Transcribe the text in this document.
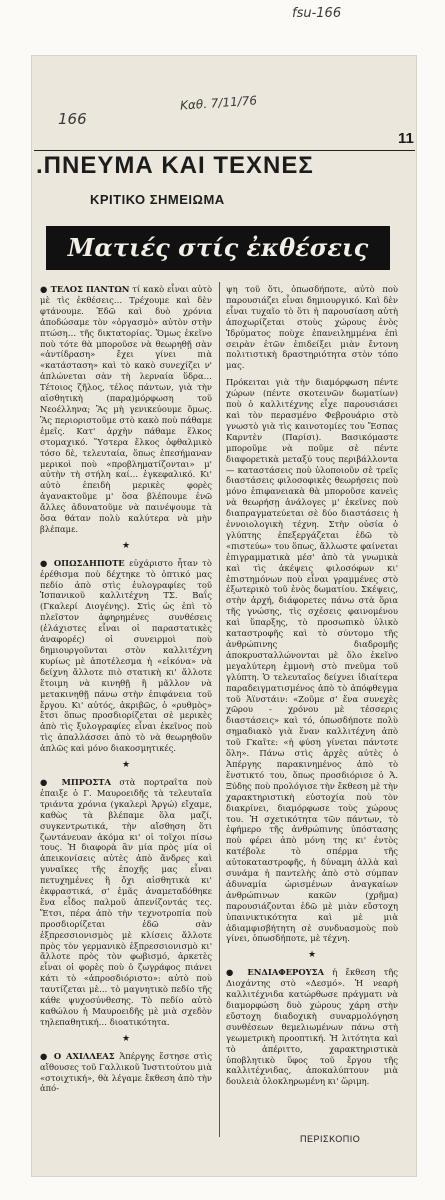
fsu-166
166
Καθ. 7/11/76
11
.ΠΝΕΥΜΑ ΚΑΙ ΤΕΧΝΕΣ
ΚΡΙΤΙΚΟ ΣΗΜΕΙΩΜΑ
Ματιές στίς ἐκθέσεις

● ΤΕΛΟΣ ΠΑΝΤΩΝ τί κακὸ εἶναι αὐτὸ μὲ τὶς ἐκθέσεις… Τρέχουμε καὶ δὲν φτάνουμε. Ἐδῶ καὶ δυὸ χρόνια ἀποδώσαμε τὸν «ὀργασμὸ» αὐτὸν στὴν πτώση… τῆς δικτατορίας. Ὅμως ἐκεῖνο ποὺ τότε θὰ μποροῦσε νὰ θεωρηθῇ σὰν «ἀντίδραση» ἔχει γίνει πιὰ «κατάσταση» καὶ τὸ κακὸ συνεχίζει ν' ἁπλώνεται σὰν τὴ λερναία ὕδρα… Τέτοιος ζῆλος, τέλος πάντων, γιὰ τὴν αἰσθητικὴ (παρα)μόρφωση τοῦ Νεοέλληνα; Ἂς μὴ γενικεύουμε ὅμως. Ἂς περιοριστοῦμε στὸ κακὸ ποὺ πάθαμε ἐμεῖς. Κατ' ἀρχὴν πάθαμε ἕλκος στομαχικό. Ὕστερα ἕλκος ὀφθαλμικὸ τόσο δὲ, τελευταία, ὅπως ἐπεσήμαναν μερικοὶ ποὺ «προβληματίζονται» μ' αὐτὴν τὴ στήλη καί… ἐγκεφαλικό. Κι' αὐτὸ ἐπειδὴ μερικὲς φορὲς ἀγανακτοῦμε μ' ὅσα βλέπουμε ἐνῶ ἄλλες ἀδυνατοῦμε νὰ παινέψουμε τὰ ὅσα θάταν πολὺ καλύτερα νὰ μὴν βλέπαμε.

★

● ΟΠΩΣΔΗΠΟΤΕ εὐχάριστο ἦταν τὸ ἐρέθισμα ποὺ δέχτηκε τὸ ὀπτικό μας πεδίο ἀπὸ στὶς ἐυλογραφίες τοῦ Ἱσπανικοῦ καλλιτέχνη ΤΣ. Βαΐς (Γκαλερί Διογένης). Στὶς ὡς ἐπὶ τὸ πλεῖστον ἀφηρημένες συνθέσεις (ἐλάχιστες εἶναι οἱ παραστατικὲς ἀναφορές) οἱ συνειρμοὶ ποὺ δημιουργοῦνται στὸν καλλιτέχνη κυρίως μὲ ἀποτέλεσμα ἡ «εἰκόνα» νὰ δείχνη ἄλλοτε πιὸ στατικὴ κι' ἄλλοτε ἕτοιμη νὰ κινηθῇ ἢ μᾶλλον νὰ μετακινηθῇ πάνω στὴν ἐπιφάνεια τοῦ ἔργου. Κι' αὐτός, ἀκριβῶς, ὁ «ρυθμὸς» ἔτσι ὅπως προσδιορίζεται σὲ μερικὲς ἀπὸ τὶς ξυλογραφίες εἶναι ἐκεῖνος ποὺ τὶς ἀπαλλάσσει ἀπὸ τὸ νὰ θεωρηθοῦν ἁπλῶς καὶ μόνο διακοσμητικές.

★

● ΜΠΡΟΣΤΑ στὰ πορτραῖτα ποὺ ἐπαιξε ὁ Γ. Μαυροειδῆς τὰ τελευταῖα τριάντα χρόνια (γκαλερὶ Ἀργώ) εἴχαμε, καθὼς τὰ βλέπαμε ὅλα μαζί, συγκεντρωτικά, τὴν αἴσθηση ὅτι ζωντάνευαν ἀκόμα κι' οἱ τοῖχοι πίσω τους. Ἡ διαφορὰ ἂν μία πρὸς μία οἱ ἀπεικονίσεις αὐτὲς ἀπὸ ἄνδρες καὶ γυναῖκες τῆς ἐποχῆς μας εἶναι πετυχημένες ἢ ὄχι αἰσθητικὰ κι' ἐκφραστικά, σ' ἐμᾶς ἀναμεταδόθηκε ἕνα εἶδος παλμοῦ ἀπενίζοντάς τες. Ἔτσι, πέρα ἀπὸ τὴν τεχνοτροπία ποὺ προσδιορίζεται ἐδῶ σὰν ἐξπρεσσιονισμὸς μὲ κλίσεις ἄλλοτε πρὸς τὸν γερμανικὸ ἐξπρεσσιονισμὸ κι' ἄλλοτε πρὸς τὸν φωβισμό, ἀρκετὲς εἶναι οἱ φορὲς ποὺ ὁ ζωγράφος πιάνει κάτι τὸ «ἀπροσδιόριστο»: αὐτὸ ποὺ ταυτίζεται μὲ… τὸ μαγνητικὸ πεδίο τῆς κάθε ψυχοσύνθεσης. Τὸ πεδίο αὐτὸ καθώλου ἡ Μαυροειδῆς μὲ μιὰ σχεδὸν τηλεπαθητική… διοατικότητα.

★

● Ο ΑΧΙΛΛΕΑΣ Ἀπέργης ἔστησε στὶς αἴθουσες τοῦ Γαλλικοῦ Ἰνστιτούτου μιὰ «στοιχτική», θὰ λέγαμε ἔκθεση ἀπὸ τὴν ἀπό-

ψη τοῦ ὅτι, ὁπωσδήποτε, αὐτὸ ποὺ παρουσιάζει εἶναι δημιουργικό. Καὶ δὲν εἶναι τυχαῖο τὸ ὅτι ἡ παρουσίαση αὐτὴ ἀποχωρίζεται στοὺς χώρους ἑνὸς Ἱδρύματος ποὺχε ἐπανειλημμένα ἐπὶ σειρὰν ἐτῶν ἐπιδείξει μιὰν ἔντονη πολιτιστικὴ δραστηριότητα στὸν τόπο μας.

Πρόκειται γιὰ τὴν διαμόρφωση πέντε χώρων (πέντε σκοτεινῶν δωματίων) ποὺ ὁ καλλιτέχνης εἶχε παρουσιάσει καὶ τὸν περασμένο Φεβρουάριο στὸ γνωστὸ γιὰ τὶς καινοτομίες του Ἔσπας Καρντὲν (Παρίσι). Βασικόμαστε μποροῦμε νὰ ποῦμε σὲ πέντε διαφορετικὰ μεταξύ τους περιβάλλοντα — καταστάσεις ποὺ ὑλοποιοῦν σὲ τρεῖς διαστάσεις φιλοσοφικὲς θεωρήσεις ποὺ μόνο ἐπιφανειακὰ θὰ μποροῦσε κανεὶς νὰ θεωρήσῃ ἀνάλογες μ' ἐκεῖνες ποὺ διαπραγματεύεται σὲ δύο διαστάσεις ἡ ἐννοιολογικὴ τέχνη. Στὴν οὐσία ὁ γλύπτης ἐπεξεργάζεται ἐδῶ τὸ «πιστεύω» του ὅπως, ἄλλωστε φαίνεται ἐπιγραμματικὰ μέσ' ἀπὸ τὰ γνωμικὰ καὶ τὶς ἀκέψεις φιλοσόφων κι' ἐπιστημόνων ποὺ εἶναι γραμμένες στὸ ἐξωτερικὸ τοῦ ἑνὸς δωματίου. Σκέψεις, στὴν ἀρχή, διάφορετες πάνω στὰ ὅρια τῆς γνώσης, τὶς σχέσεις φαινομένου καὶ ὕπαρξης, τὸ προσωπικὸ ὑλικὸ καταστροφῆς καὶ τὸ σύντομο τῆς ἀνθρώπινης διαδρομῆς ἀποκρυσταλλώνονται μὲ ὅλο ἐκεῖνο μεγαλύτερη ἐμμονὴ στὸ πνεῦμα τοῦ γλύπτη. Ὁ τελευταῖος δείχνει ἰδιαίτερα παραδειγματισμένος ἀπὸ τὸ ἀπόφθεγμα τοῦ Ἀϊνστάιν: «Ζοῦμε σ' ἕνα συνεχὲς χῶρου - χρόνου μὲ τέσσερις διαστάσεις» καὶ τό, ὁπωσδήποτε πολὺ σημαδιακὸ γιὰ ἕναν καλλιτέχνη ἀπὸ τοῦ Γκαῖτε: «ἡ φύση γίνεται πάντοτε ὅλη». Πάνω στὶς ἀρχὲς αὐτὲς ὁ Ἀπέργης παρακινημένος ἀπὸ τὸ ἔνστικτό του, ὅπως προσδιόρισε ὁ Ἀ. Ξύδης ποὺ προλόγισε τὴν ἔκθεση μὲ τὴν χαρακτηριστικὴ εὐστοχία ποὺ τὸν διακρίνει, διαμόρφωσε τοὺς χώρους του. Ἡ σχετικότητα τῶν πάντων, τὸ ἐφήμερο τῆς ἀνθρώπινης ὑπόστασης ποὺ φέρει ἀπὸ μόνη της κι' ἐντὸς κατέβολε τὸ σπέρμα τῆς αὐτοκαταστροφῆς, ἡ δύναμη ἀλλὰ καὶ συνάμα ἡ παντελὴς ἀπὸ στὸ σύμπαν ἀδυναμία ὡρισμένων ἀναγκαίων ἀνθρώπινων κακῶν (χρῆμα) παρουσιάζονται ἐδῶ μὲ μιὰν εὔστοχη ὑπαινικτικότητα καὶ μὲ μιὰ ἀδιαμφισβήτητη σὲ συνδυασμοὺς ποὺ γίνει, ὁπωσδήποτε, μὲ τέχνη.

★

● ΕΝΔΙΑΦΕΡΟΥΣΑ ἡ ἔκθεση τῆς Διοχάντης στὸ «Δεσμό». Ἡ νεαρὴ καλλιτέχνιδα κατώρθωσε πράγματι νὰ διαμορφώση δυὸ χώρους χάρη στὴν εὔστοχη διαδοχικὴ συναρμολόγηση συνθέσεων θεμελιωμένων πάνω στὴ γεωμετρικὴ προοπτική. Ἡ λιτότητα καὶ τὸ ἀπέριττο, χαρακτηριστικὰ ὑποβλητικὸ ὕφος τοῦ ἔργου τῆς καλλιτέχνιδας, ἀποκαλύπτουν μιὰ δουλειὰ ὁλοκληρωμένη κι' ὥριμη.

ΠΕΡΙΣΚΟΠΙΟ
